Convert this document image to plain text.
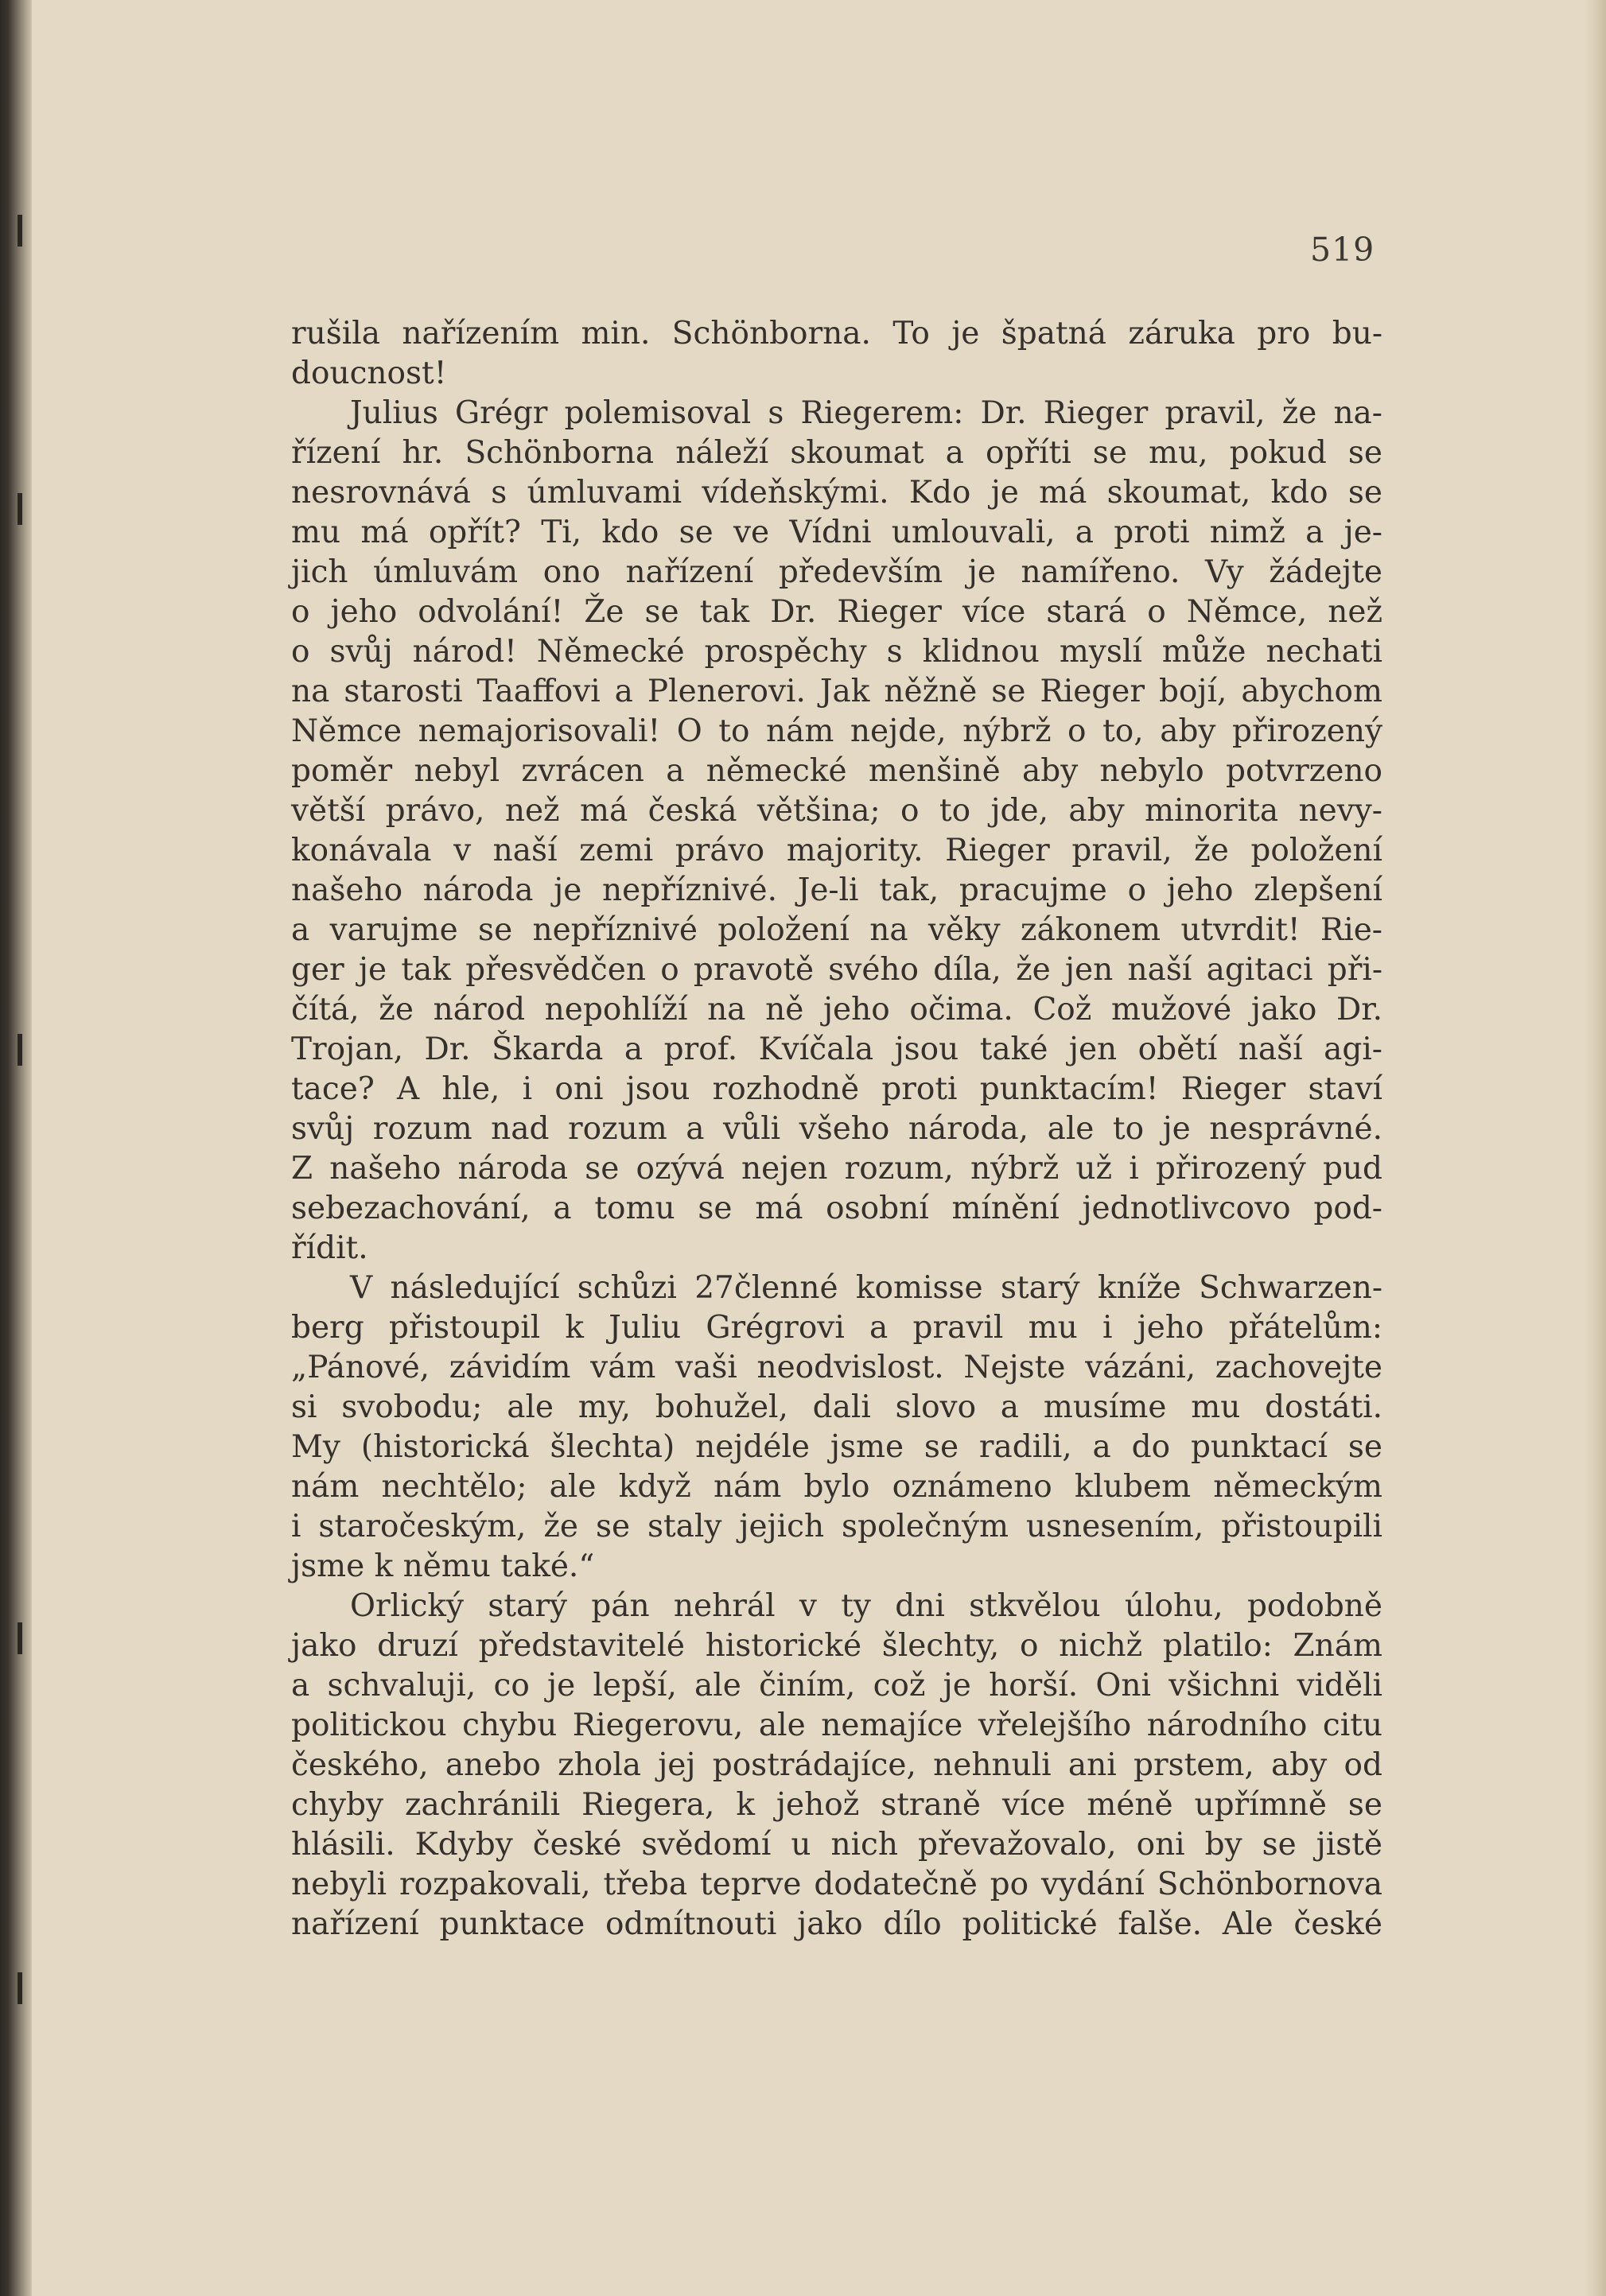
519
rušila nařízením min. Schönborna. To je špatná záruka pro bu-
doucnost!
Julius Grégr polemisoval s Riegerem: Dr. Rieger pravil, že na-
řízení hr. Schönborna náleží skoumat a opříti se mu, pokud se
nesrovnává s úmluvami vídeňskými. Kdo je má skoumat, kdo se
mu má opřít? Ti, kdo se ve Vídni umlouvali, a proti nimž a je-
jich úmluvám ono nařízení především je namířeno. Vy žádejte
o jeho odvolání! Že se tak Dr. Rieger více stará o Němce, než
o svůj národ! Německé prospěchy s klidnou myslí může nechati
na starosti Taaffovi a Plenerovi. Jak něžně se Rieger bojí, abychom
Němce nemajorisovali! O to nám nejde, nýbrž o to, aby přirozený
poměr nebyl zvrácen a německé menšině aby nebylo potvrzeno
větší právo, než má česká většina; o to jde, aby minorita nevy-
konávala v naší zemi právo majority. Rieger pravil, že položení
našeho národa je nepříznivé. Je-li tak, pracujme o jeho zlepšení
a varujme se nepříznivé položení na věky zákonem utvrdit! Rie-
ger je tak přesvědčen o pravotě svého díla, že jen naší agitaci při-
čítá, že národ nepohlíží na ně jeho očima. Což mužové jako Dr.
Trojan, Dr. Škarda a prof. Kvíčala jsou také jen obětí naší agi-
tace? A hle, i oni jsou rozhodně proti punktacím! Rieger staví
svůj rozum nad rozum a vůli všeho národa, ale to je nesprávné.
Z našeho národa se ozývá nejen rozum, nýbrž už i přirozený pud
sebezachování, a tomu se má osobní mínění jednotlivcovo pod-
řídit.
V následující schůzi 27členné komisse starý kníže Schwarzen-
berg přistoupil k Juliu Grégrovi a pravil mu i jeho přátelům:
„Pánové, závidím vám vaši neodvislost. Nejste vázáni, zachovejte
si svobodu; ale my, bohužel, dali slovo a musíme mu dostáti.
My (historická šlechta) nejdéle jsme se radili, a do punktací se
nám nechtělo; ale když nám bylo oznámeno klubem německým
i staročeským, že se staly jejich společným usnesením, přistoupili
jsme k němu také.“
Orlický starý pán nehrál v ty dni stkvělou úlohu, podobně
jako druzí představitelé historické šlechty, o nichž platilo: Znám
a schvaluji, co je lepší, ale činím, což je horší. Oni všichni viděli
politickou chybu Riegerovu, ale nemajíce vřelejšího národního citu
českého, anebo zhola jej postrádajíce, nehnuli ani prstem, aby od
chyby zachránili Riegera, k jehož straně více méně upřímně se
hlásili. Kdyby české svědomí u nich převažovalo, oni by se jistě
nebyli rozpakovali, třeba teprve dodatečně po vydání Schönbornova
nařízení punktace odmítnouti jako dílo politické falše. Ale české
